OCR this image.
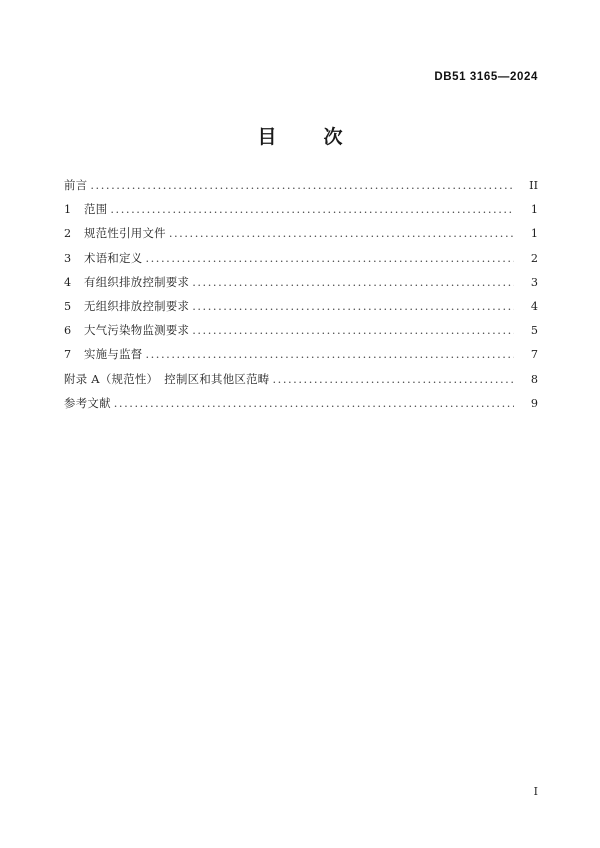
DB51 3165—2024
目　次
前言 .....	II
1	范围 .....	1
2	规范性引用文件 .....	1
3	术语和定义 .....	2
4	有组织排放控制要求 .....	3
5	无组织排放控制要求 .....	4
6	大气污染物监测要求 .....	5
7	实施与监督 .....	7
附录 A（规范性）　控制区和其他区范畴 .....	8
参考文献 .....	9
I
